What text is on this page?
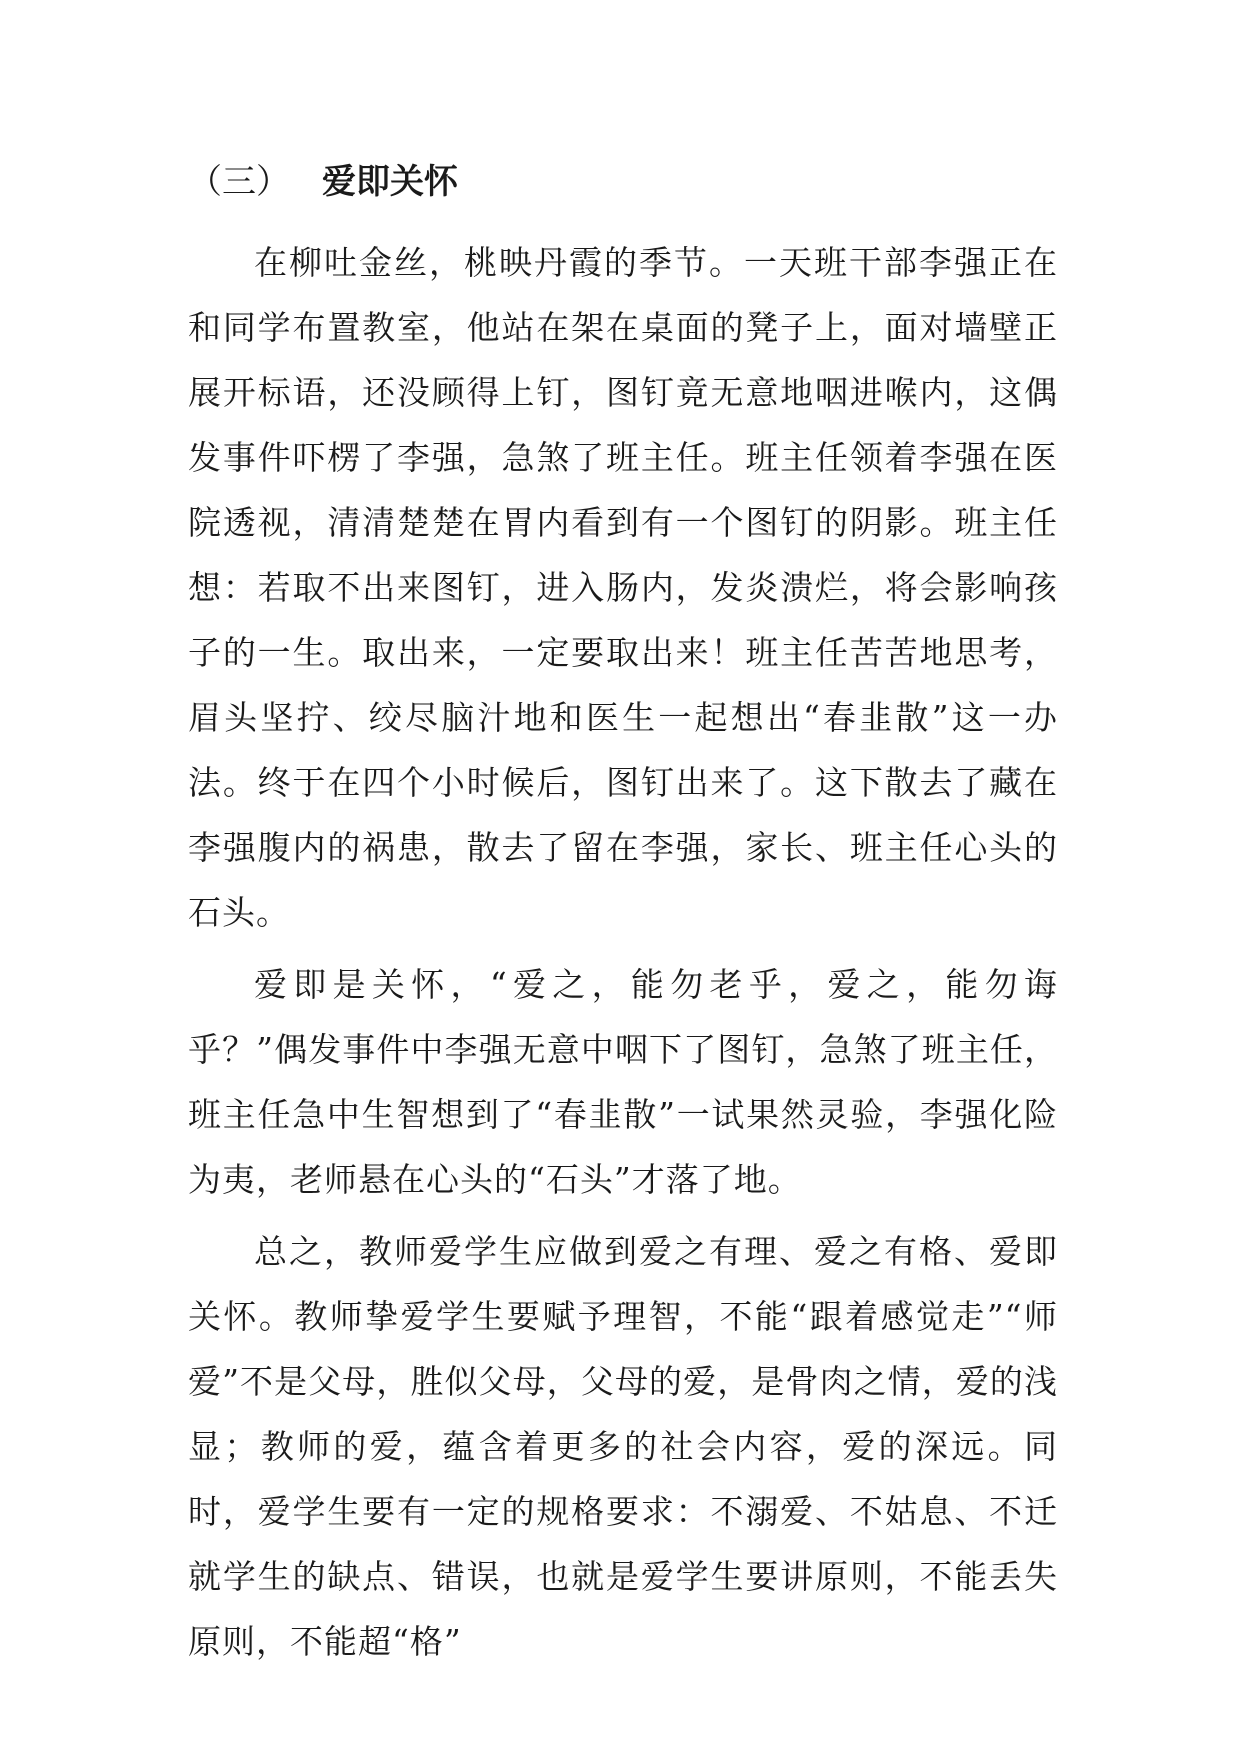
（三） 爱即关怀

在柳吐金丝，桃映丹霞的季节。一天班干部李强正在和同学布置教室，他站在架在桌面的凳子上，面对墙壁正展开标语，还没顾得上钉，图钉竟无意地咽进喉内，这偶发事件吓楞了李强，急煞了班主任。班主任领着李强在医院透视，清清楚楚在胃内看到有一个图钉的阴影。班主任想：若取不出来图钉，进入肠内，发炎溃烂，将会影响孩子的一生。取出来，一定要取出来！班主任苦苦地思考，眉头坚拧、绞尽脑汁地和医生一起想出“春韭散”这一办法。终于在四个小时候后，图钉出来了。这下散去了藏在李强腹内的祸患，散去了留在李强，家长、班主任心头的石头。

爱即是关怀，“爱之，能勿老乎，爱之，能勿诲乎？”偶发事件中李强无意中咽下了图钉，急煞了班主任，班主任急中生智想到了“春韭散”一试果然灵验，李强化险为夷，老师悬在心头的“石头”才落了地。

总之，教师爱学生应做到爱之有理、爱之有格、爱即关怀。教师挚爱学生要赋予理智，不能“跟着感觉走”“师爱”不是父母，胜似父母，父母的爱，是骨肉之情，爱的浅显；教师的爱，蕴含着更多的社会内容，爱的深远。同时，爱学生要有一定的规格要求：不溺爱、不姑息、不迁就学生的缺点、错误，也就是爱学生要讲原则，不能丢失原则，不能超“格”
